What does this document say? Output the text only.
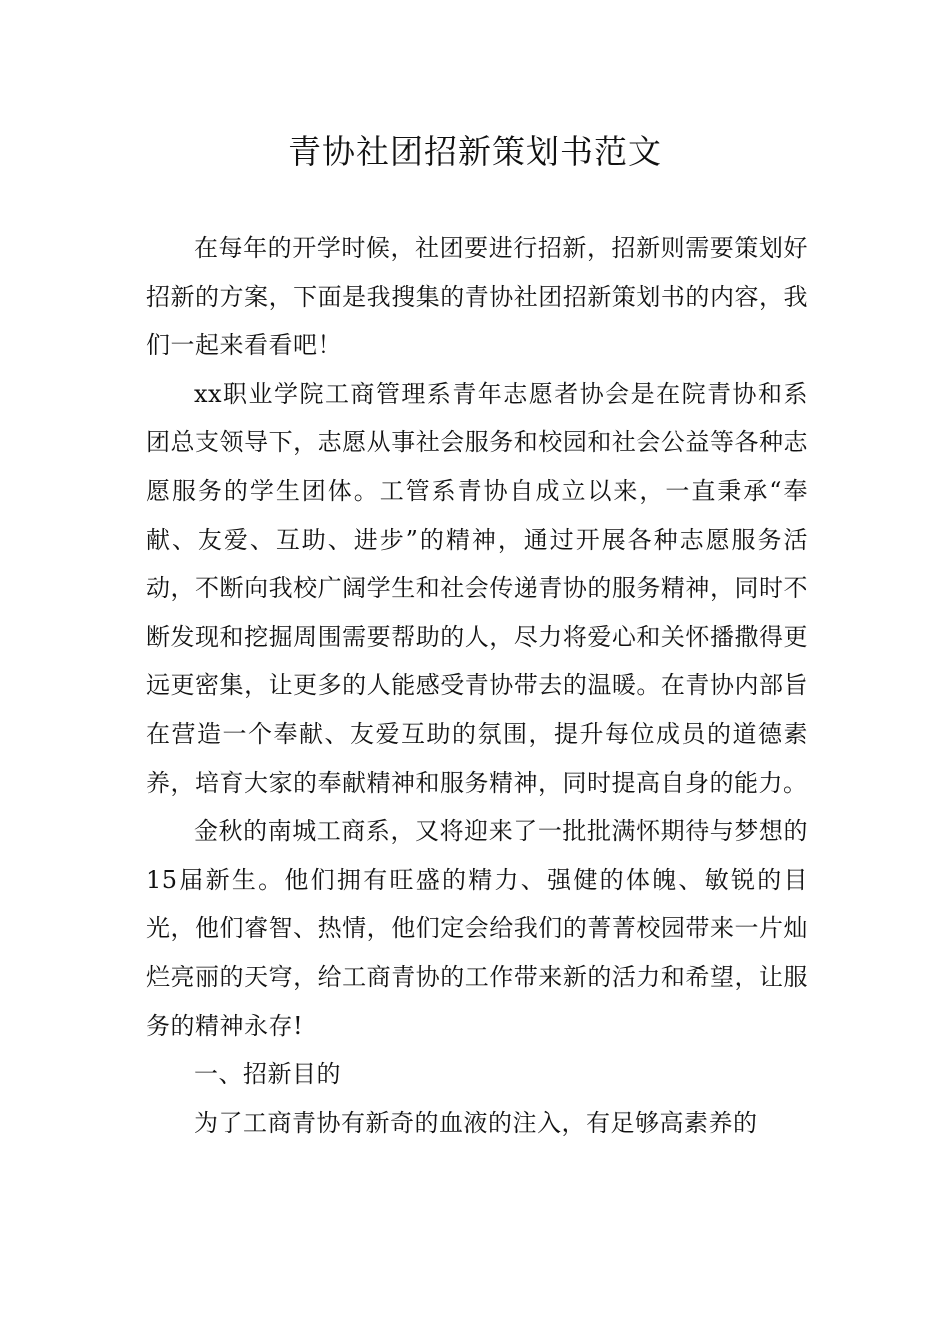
青协社团招新策划书范文

在每年的开学时候，社团要进行招新，招新则需要策划好招新的方案，下面是我搜集的青协社团招新策划书的内容，我们一起来看看吧！

xx职业学院工商管理系青年志愿者协会是在院青协和系团总支领导下，志愿从事社会服务和校园和社会公益等各种志愿服务的学生团体。工管系青协自成立以来，一直秉承“奉献、友爱、互助、进步”的精神，通过开展各种志愿服务活动，不断向我校广阔学生和社会传递青协的服务精神，同时不断发现和挖掘周围需要帮助的人，尽力将爱心和关怀播撒得更远更密集，让更多的人能感受青协带去的温暖。在青协内部旨在营造一个奉献、友爱互助的氛围，提升每位成员的道德素养，培育大家的奉献精神和服务精神，同时提高自身的能力。

金秋的南城工商系，又将迎来了一批批满怀期待与梦想的15届新生。他们拥有旺盛的精力、强健的体魄、敏锐的目光，他们睿智、热情，他们定会给我们的菁菁校园带来一片灿烂亮丽的天穹，给工商青协的工作带来新的活力和希望，让服务的精神永存!

一、招新目的

为了工商青协有新奇的血液的注入，有足够高素养的
